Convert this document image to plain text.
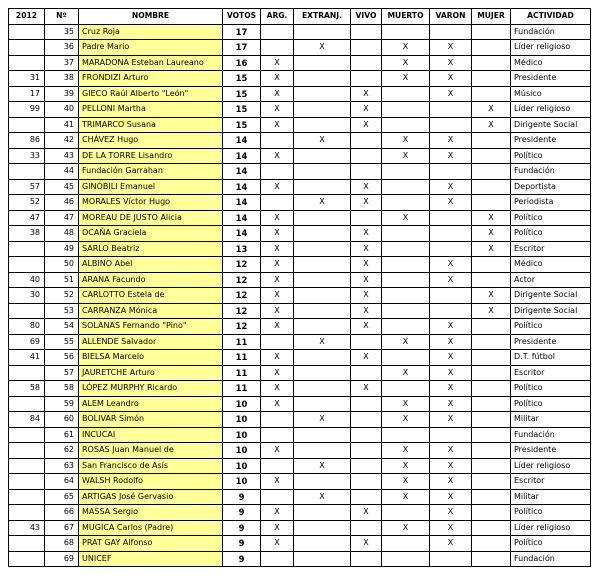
2012	Nº	NOMBRE	VOTOS	ARG.	EXTRANJ.	VIVO	MUERTO	VARON	MUJER	ACTIVIDAD
	35	Cruz Roja	17							Fundación
	36	Padre Mario	17		X		X	X		Líder religioso
	37	MARADONA Esteban Laureano	16	X			X	X		Médico
31	38	FRONDIZI Arturo	15	X			X	X		Presidente
17	39	GIECO Raúl Alberto "León"	15	X		X		X		Músico
99	40	PELLONI Martha	15	X		X			X	Líder religioso
	41	TRIMARCO Susana	15	X		X			X	Dirigente Social
86	42	CHÁVEZ Hugo	14		X		X	X		Presidente
33	43	DE LA TORRE Lisandro	14	X			X	X		Político
	44	Fundación Garrahan	14							Fundación
57	45	GINÓBILI Emanuel	14	X		X		X		Deportista
52	46	MORALES Víctor Hugo	14		X	X		X		Periodista
47	47	MOREAU DE JUSTO Alicia	14	X			X		X	Político
38	48	OCAÑA Graciela	14	X		X			X	Político
	49	SARLO Beatriz	13	X		X			X	Escritor
	50	ALBINO Abel	12	X		X		X		Médico
40	51	ARANA Facundo	12	X		X		X		Actor
30	52	CARLOTTO Estela de	12	X		X			X	Dirigente Social
	53	CARRANZA Mónica	12	X		X			X	Dirigente Social
80	54	SOLANAS Fernando "Pino"	12	X		X		X		Político
69	55	ALLENDE Salvador	11		X		X	X		Presidente
41	56	BIELSA Marcelo	11	X		X		X		D.T. fútbol
	57	JAURETCHE Arturo	11	X			X	X		Escritor
58	58	LÓPEZ MURPHY Ricardo	11	X		X		X		Político
	59	ALEM Leandro	10	X			X	X		Político
84	60	BOLIVAR Simón	10		X		X	X		Militar
	61	INCUCAI	10							Fundación
	62	ROSAS Juan Manuel de	10	X			X	X		Presidente
	63	San Francisco de Asís	10		X		X	X		Líder religioso
	64	WALSH Rodolfo	10	X			X	X		Escritor
	65	ARTIGAS José Gervasio	9		X		X	X		Militar
	66	MASSA Sergio	9	X		X		X		Político
43	67	MUGICA Carlos (Padre)	9	X			X	X		Líder religioso
	68	PRAT GAY Alfonso	9	X		X		X		Político
	69	UNICEF	9							Fundación
